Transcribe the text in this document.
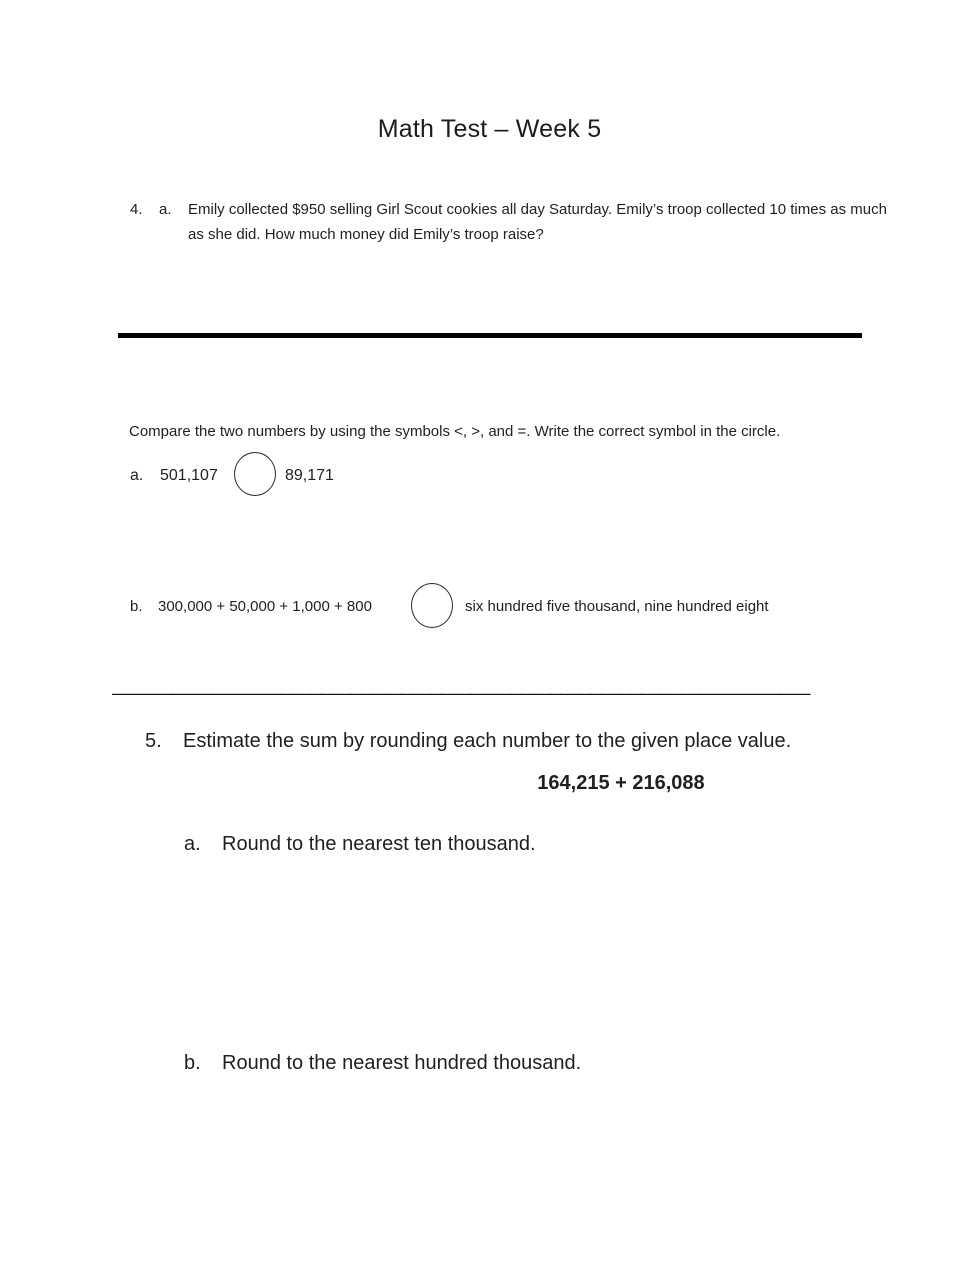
Math Test – Week 5
4.	a.	Emily collected $950 selling Girl Scout cookies all day Saturday. Emily’s troop collected 10 times as much as she did. How much money did Emily’s troop raise?
Compare the two numbers by using the symbols <, >, and =. Write the correct symbol in the circle.
a.	501,107	89,171
b.	300,000 + 50,000 + 1,000 + 800	six hundred five thousand, nine hundred eight
______________________________________________________________________
5.	Estimate the sum by rounding each number to the given place value.
164,215 + 216,088
a.	Round to the nearest ten thousand.
b.	Round to the nearest hundred thousand.
